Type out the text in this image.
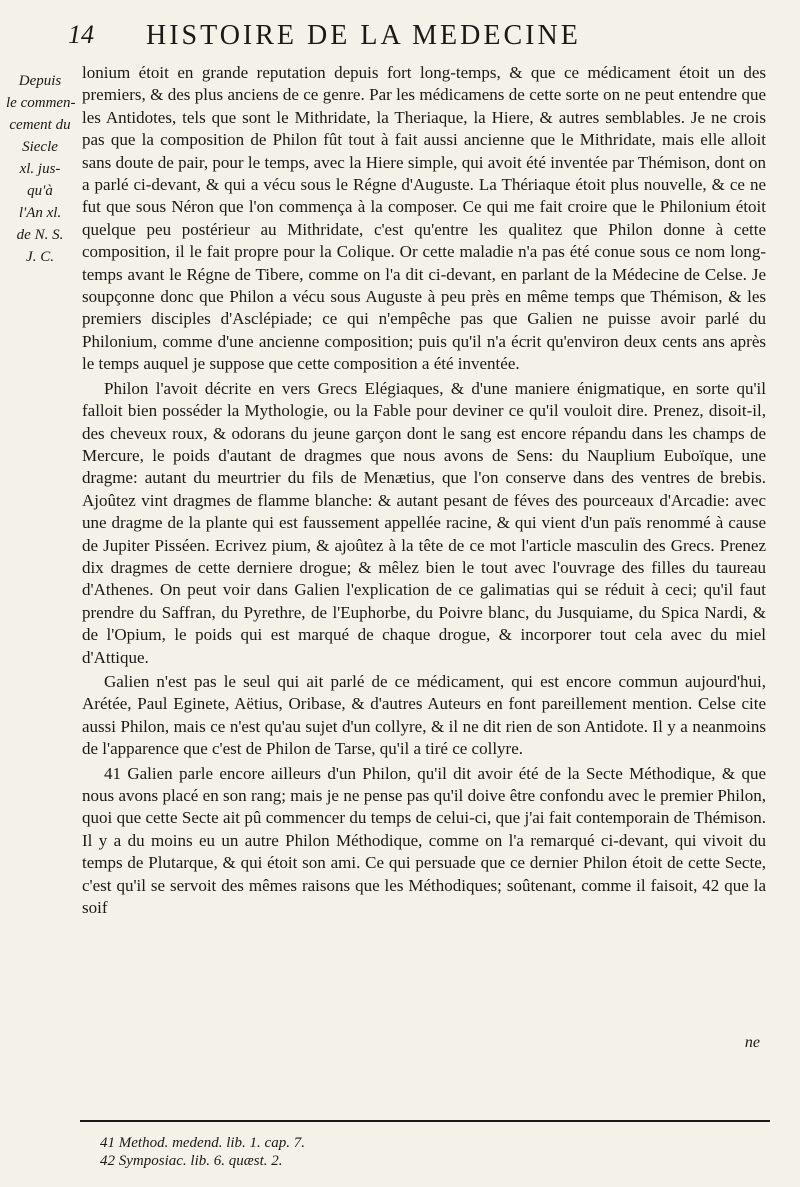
14 HISTOIRE DE LA MEDECINE
Depuis
le commen-
cement du
Siecle
xl. jus-
qu'à
l'An xl.
de N. S.
J. C.

lonium étoit en grande reputation depuis fort long-temps, & que ce médicament étoit un des premiers, & des plus anciens de ce genre. Par les médicamens de cette sorte on ne peut entendre que les Antidotes, tels que sont le Mithridate, la Theriaque, la Hiere, & autres semblables. Je ne crois pas que la composition de Philon fût tout à fait aussi ancienne que le Mithridate, mais elle alloit sans doute de pair, pour le temps, avec la Hiere simple, qui avoit été inventée par Thémison, dont on a parlé ci-devant, & qui a vécu sous le Régne d'Auguste. La Thériaque étoit plus nouvelle, & ce ne fut que sous Néron que l'on commença à la composer. Ce qui me fait croire que le Philonium étoit quelque peu postérieur au Mithridate, c'est qu'entre les qualitez que Philon donne à cette composition, il le fait propre pour la Colique. Or cette maladie n'a pas été conue sous ce nom long-temps avant le Régne de Tibere, comme on l'a dit ci-devant, en parlant de la Médecine de Celse. Je soupçonne donc que Philon a vécu sous Auguste à peu près en même temps que Thémison, & les premiers disciples d'Asclépiade; ce qui n'empêche pas que Galien ne puisse avoir parlé du Philonium, comme d'une ancienne composition; puis qu'il n'a écrit qu'environ deux cents ans après le temps auquel je suppose que cette composition a été inventée.

Philon l'avoit décrite en vers Grecs Elégiaques, & d'une maniere énigmatique, en sorte qu'il falloit bien posséder la Mythologie, ou la Fable pour deviner ce qu'il vouloit dire. Prenez, disoit-il, des cheveux roux, & odorans du jeune garçon dont le sang est encore répandu dans les champs de Mercure, le poids d'autant de dragmes que nous avons de Sens: du Nauplium Euboïque, une dragme: autant du meurtrier du fils de Menætius, que l'on conserve dans des ventres de brebis. Ajoûtez vint dragmes de flamme blanche: & autant pesant de féves des pourceaux d'Arcadie: avec une dragme de la plante qui est faussement appellée racine, & qui vient d'un païs renommé à cause de Jupiter Pisséen. Ecrivez pium, & ajoûtez à la tête de ce mot l'article masculin des Grecs. Prenez dix dragmes de cette derniere drogue; & mêlez bien le tout avec l'ouvrage des filles du taureau d'Athenes. On peut voir dans Galien l'explication de ce galimatias qui se réduit à ceci; qu'il faut prendre du Saffran, du Pyrethre, de l'Euphorbe, du Poivre blanc, du Jusquiame, du Spica Nardi, & de l'Opium, le poids qui est marqué de chaque drogue, & incorporer tout cela avec du miel d'Attique.

Galien n'est pas le seul qui ait parlé de ce médicament, qui est encore commun aujourd'hui, Arétée, Paul Eginete, Aëtius, Oribase, & d'autres Auteurs en font pareillement mention. Celse cite aussi Philon, mais ce n'est qu'au sujet d'un collyre, & il ne dit rien de son Antidote. Il y a neanmoins de l'apparence que c'est de Philon de Tarse, qu'il a tiré ce collyre.

41 Galien parle encore ailleurs d'un Philon, qu'il dit avoir été de la Secte Méthodique, & que nous avons placé en son rang; mais je ne pense pas qu'il doive être confondu avec le premier Philon, quoi que cette Secte ait pû commencer du temps de celui-ci, que j'ai fait contemporain de Thémison. Il y a du moins eu un autre Philon Méthodique, comme on l'a remarqué ci-devant, qui vivoit du temps de Plutarque, & qui étoit son ami. Ce qui persuade que ce dernier Philon étoit de cette Secte, c'est qu'il se servoit des mêmes raisons que les Méthodiques; soûtenant, comme il faisoit, 42 que la soif

ne
41 Method. medend. lib. 1. cap. 7.
42 Symposiac. lib. 6. quæst. 2.
